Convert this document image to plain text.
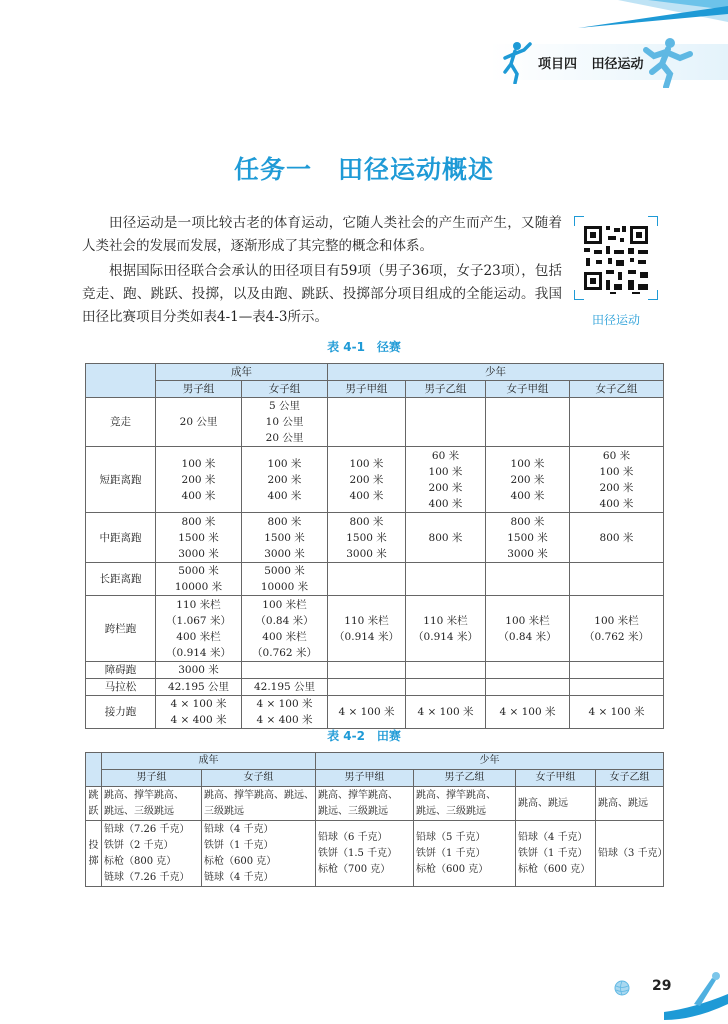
项目四 田径运动
任务一 田径运动概述

田径运动是一项比较古老的体育运动，它随人类社会的产生而产生，又随着人类社会的发展而发展，逐渐形成了其完整的概念和体系。

根据国际田径联合会承认的田径项目有59项（男子36项，女子23项），包括竞走、跑、跳跃、投掷，以及由跑、跳跃、投掷部分项目组成的全能运动。我国田径比赛项目分类如表4-1—表4-3所示。	田径运动
表 4-1 径赛
	成年		少年			
	男子组	女子组	男子甲组	男子乙组	女子甲组	女子乙组
竞走	20 公里	5 公里
10 公里
20 公里				
短距离跑	100 米
200 米
400 米	100 米
200 米
400 米	100 米
200 米
400 米	60 米
100 米
200 米
400 米	100 米
200 米
400 米	60 米
100 米
200 米
400 米
中距离跑	800 米
1500 米
3000 米	800 米
1500 米
3000 米	800 米
1500 米
3000 米	800 米	800 米
1500 米
3000 米	800 米
长距离跑	5000 米
10000 米	5000 米
10000 米				
跨栏跑	110 米栏
（1.067 米）
400 米栏
（0.914 米）	100 米栏
（0.84 米）
400 米栏
（0.762 米）	110 米栏
（0.914 米）	110 米栏
（0.914 米）	100 米栏
（0.84 米）	100 米栏
（0.762 米）
障碍跑	3000 米					
马拉松	42.195 公里	42.195 公里				
接力跑	4 × 100 米
4 × 400 米	4 × 100 米
4 × 400 米	4 × 100 米	4 × 100 米	4 × 100 米	4 × 100 米
表 4-2 田赛
	成年		少年			
	男子组	女子组	男子甲组	男子乙组	女子甲组	女子乙组
跳
跃	跳高、撑竿跳高、
跳远、三级跳远	跳高、撑竿跳高、跳远、
三级跳远	跳高、撑竿跳高、
跳远、三级跳远	跳高、撑竿跳高、
跳远、三级跳远	跳高、跳远	跳高、跳远
投
掷	铅球（7.26 千克）
铁饼（2 千克）
标枪（800 克）
链球（7.26 千克）	铅球（4 千克）
铁饼（1 千克）
标枪（600 克）
链球（4 千克）	铅球（6 千克）
铁饼（1.5 千克）
标枪（700 克）	铅球（5 千克）
铁饼（1 千克）
标枪（600 克）	铅球（4 千克）
铁饼（1 千克）
标枪（600 克）	铅球（3 千克）
29
